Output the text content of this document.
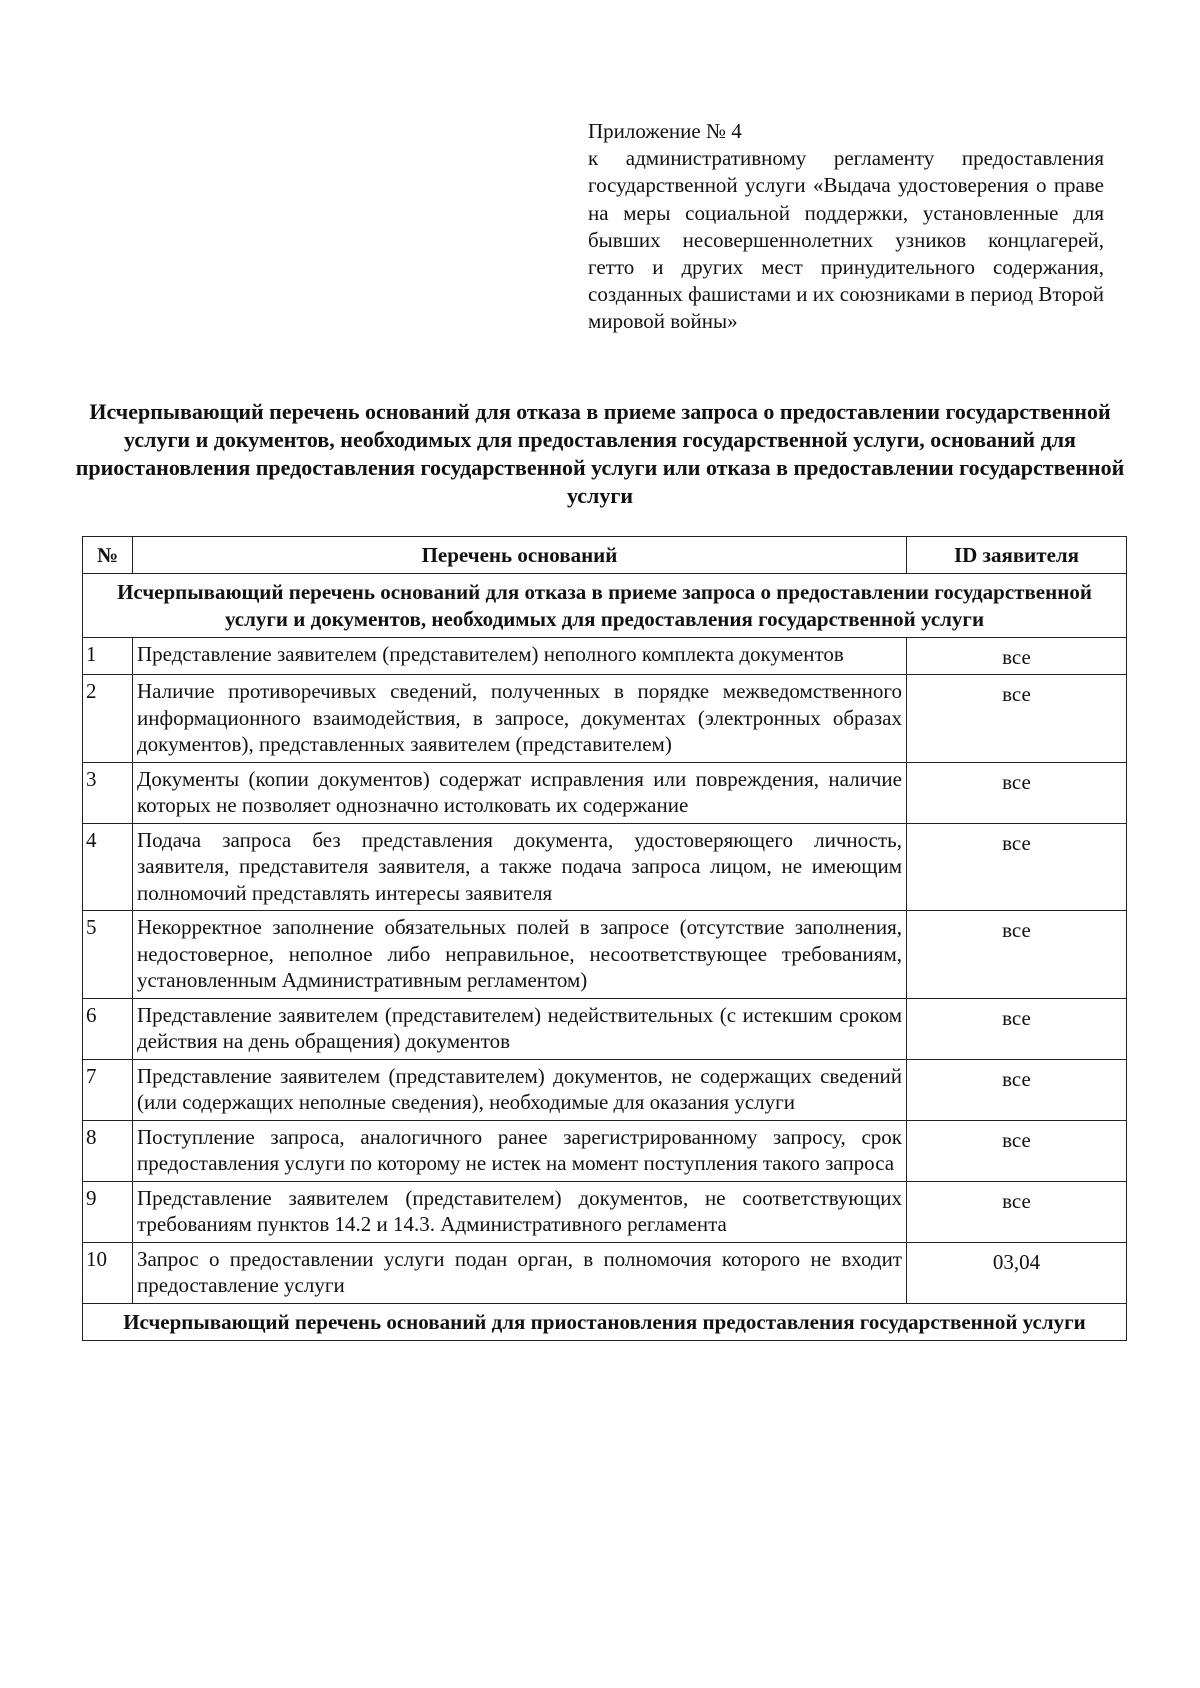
Приложение № 4
к административному регламенту предоставления государственной услуги «Выдача удостоверения о праве на меры социальной поддержки, установленные для бывших несовершеннолетних узников концлагерей, гетто и других мест принудительного содержания, созданных фашистами и их союзниками в период Второй мировой войны»
Исчерпывающий перечень оснований для отказа в приеме запроса о предоставлении государственной услуги и документов, необходимых для предоставления государственной услуги, оснований для приостановления предоставления государственной услуги или отказа в предоставлении государственной услуги
№	Перечень оснований	ID заявителя
Исчерпывающий перечень оснований для отказа в приеме запроса о предоставлении государственной услуги и документов, необходимых для предоставления государственной услуги		
1	Представление заявителем (представителем) неполного комплекта документов	все
2	Наличие противоречивых сведений, полученных в порядке межведомственного информационного взаимодействия, в запросе, документах (электронных образах документов), представленных заявителем (представителем)	все
3	Документы (копии документов) содержат исправления или повреждения, наличие которых не позволяет однозначно истолковать их содержание	все
4	Подача запроса без представления документа, удостоверяющего личность, заявителя, представителя заявителя, а также подача запроса лицом, не имеющим полномочий представлять интересы заявителя	все
5	Некорректное заполнение обязательных полей в запросе (отсутствие заполнения, недостоверное, неполное либо неправильное, несоответствующее требованиям, установленным Административным регламентом)	все
6	Представление заявителем (представителем) недействительных (с истекшим сроком действия на день обращения) документов	все
7	Представление заявителем (представителем) документов, не содержащих сведений (или содержащих неполные сведения), необходимые для оказания услуги	все
8	Поступление запроса, аналогичного ранее зарегистрированному запросу, срок предоставления услуги по которому не истек на момент поступления такого запроса	все
9	Представление заявителем (представителем) документов, не соответствующих требованиям пунктов 14.2 и 14.3. Административного регламента	все
10	Запрос о предоставлении услуги подан орган, в полномочия которого не входит предоставление услуги	03,04
Исчерпывающий перечень оснований для приостановления предоставления государственной услуги		
